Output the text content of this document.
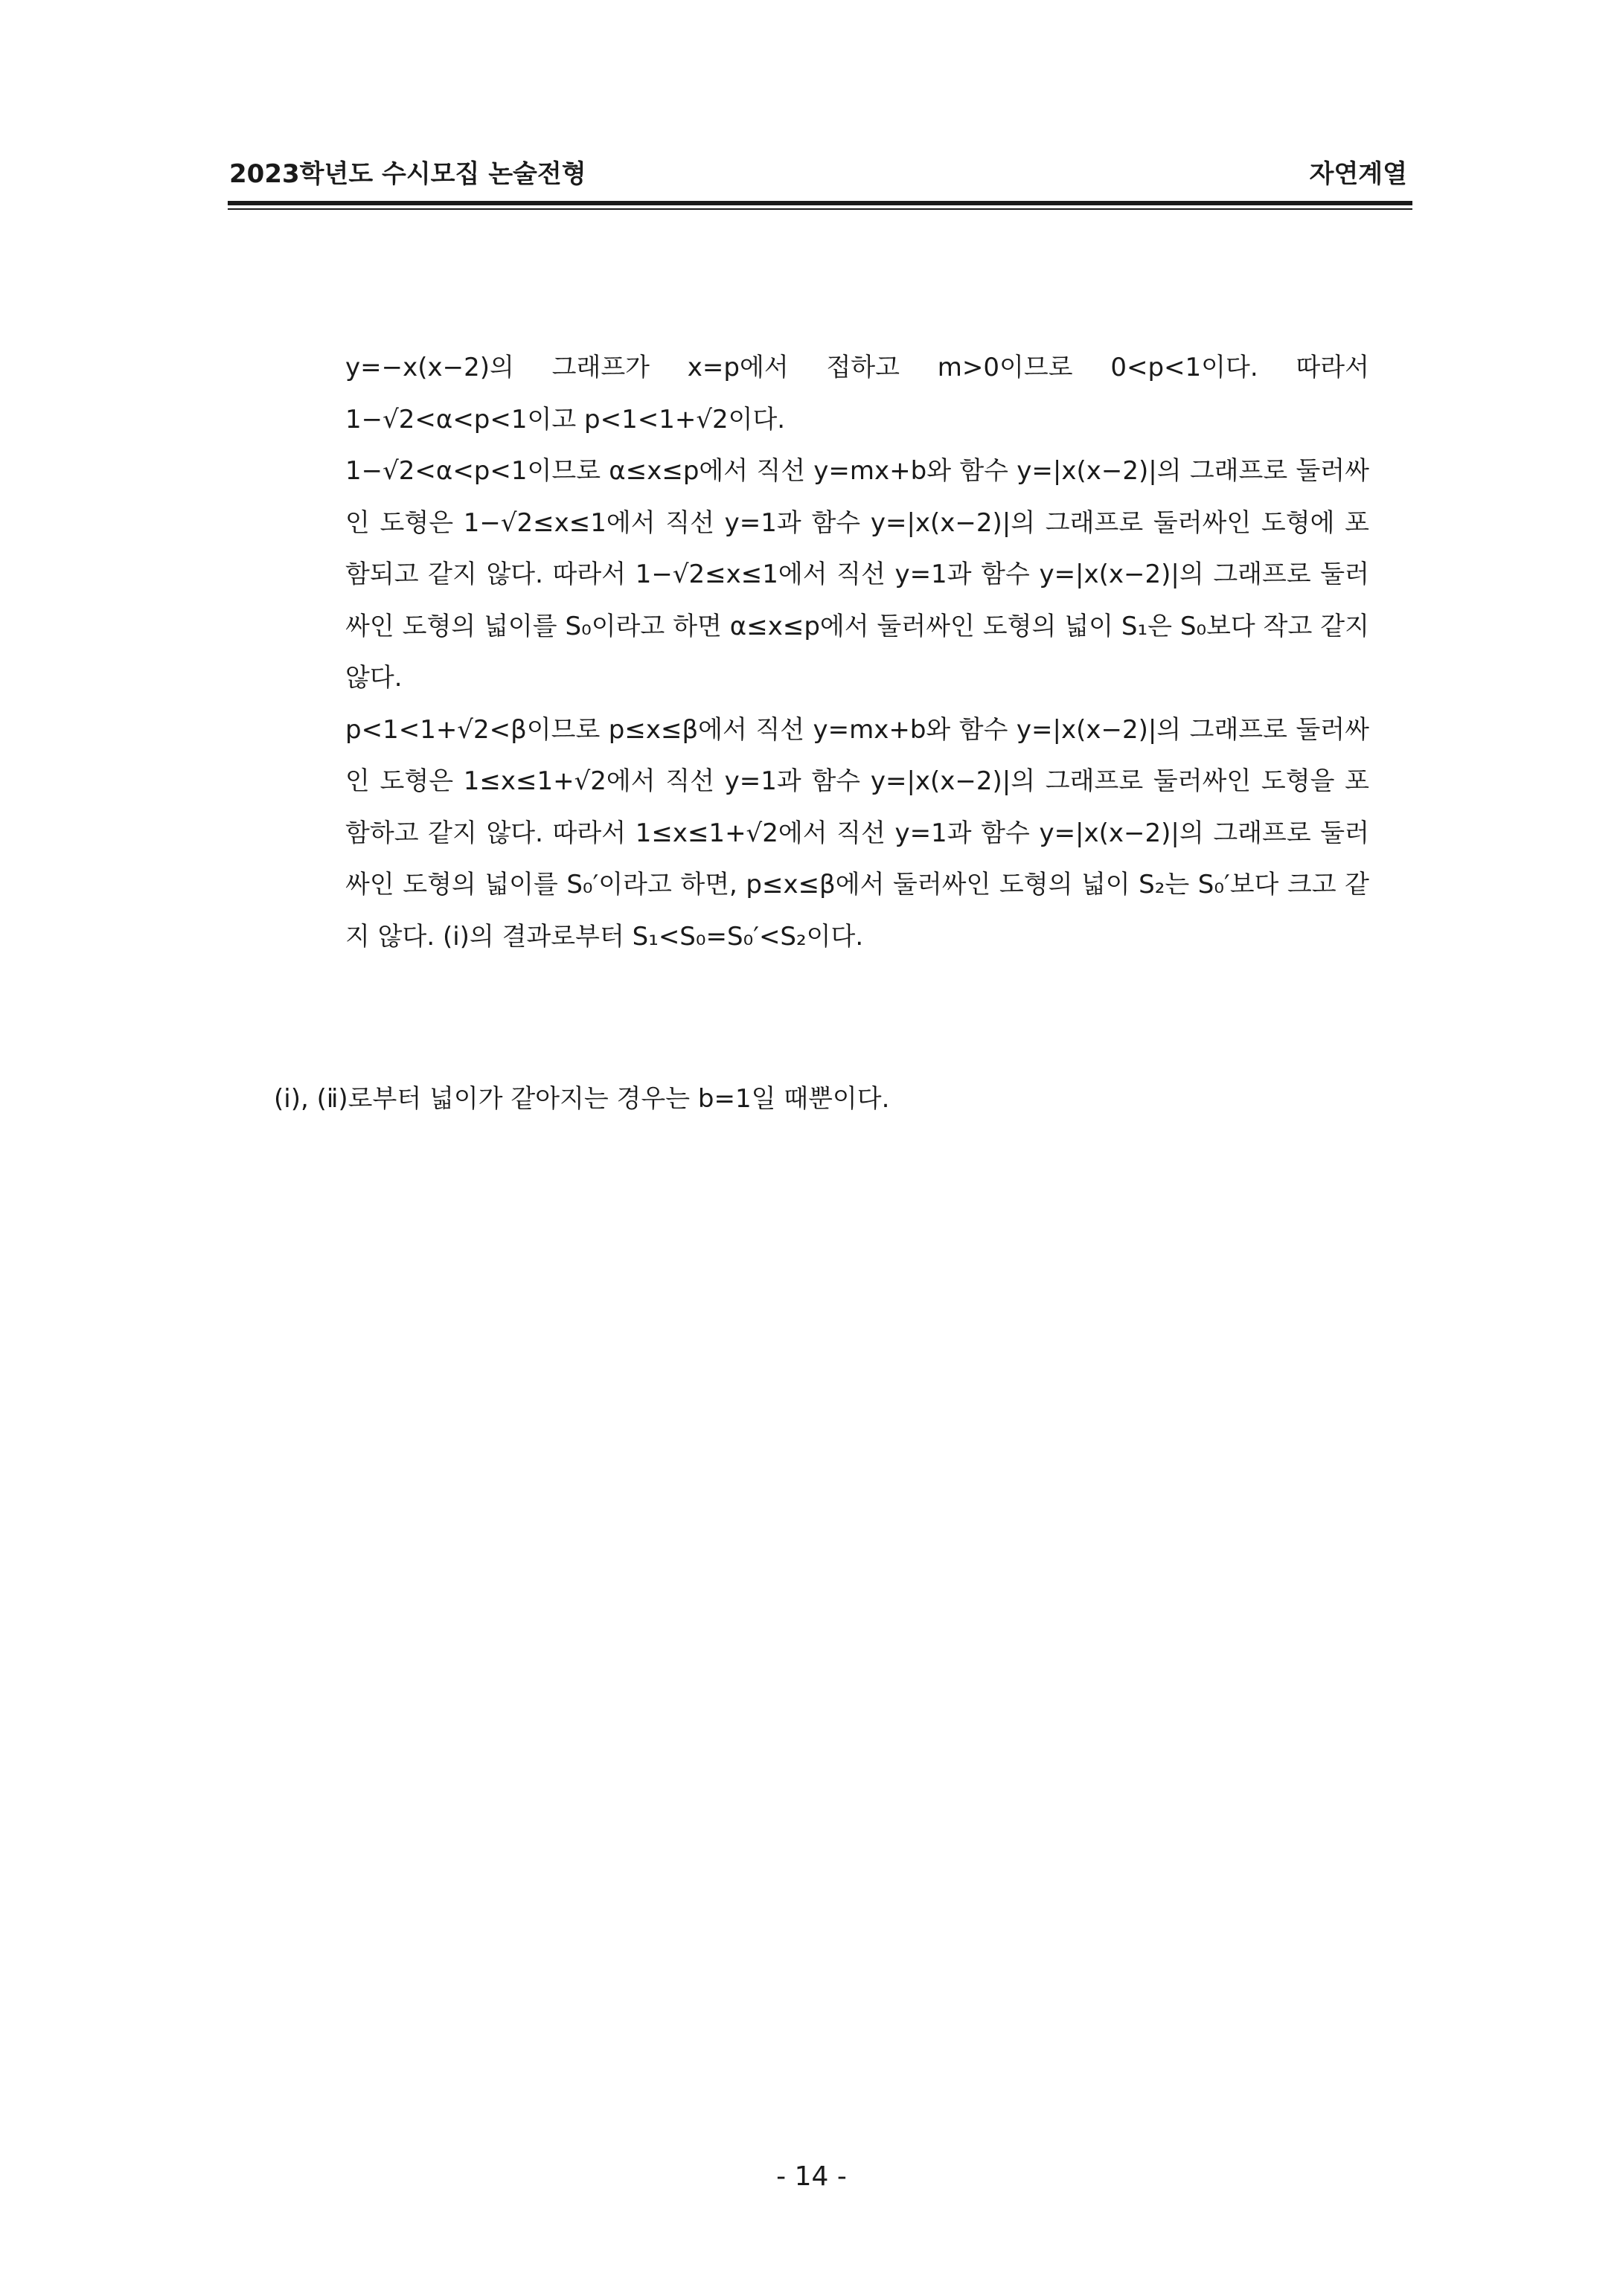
2023학년도 수시모집 논술전형	자연계열

y=−x(x−2)의 그래프가 x=p에서 접하고 m>0이므로 0<p<1이다. 따라서 1−√2<α<p<1이고 p<1<1+√2이다.

1−√2<α<p<1이므로 α≤x≤p에서 직선 y=mx+b와 함수 y=|x(x−2)|의 그래프로 둘러싸인 도형은 1−√2≤x≤1에서 직선 y=1과 함수 y=|x(x−2)|의 그래프로 둘러싸인 도형에 포함되고 같지 않다. 따라서 1−√2≤x≤1에서 직선 y=1과 함수 y=|x(x−2)|의 그래프로 둘러싸인 도형의 넓이를 S₀이라고 하면 α≤x≤p에서 둘러싸인 도형의 넓이 S₁은 S₀보다 작고 같지 않다.

p<1<1+√2<β이므로 p≤x≤β에서 직선 y=mx+b와 함수 y=|x(x−2)|의 그래프로 둘러싸인 도형은 1≤x≤1+√2에서 직선 y=1과 함수 y=|x(x−2)|의 그래프로 둘러싸인 도형을 포함하고 같지 않다. 따라서 1≤x≤1+√2에서 직선 y=1과 함수 y=|x(x−2)|의 그래프로 둘러싸인 도형의 넓이를 S₀′이라고 하면, p≤x≤β에서 둘러싸인 도형의 넓이 S₂는 S₀′보다 크고 같지 않다. (ⅰ)의 결과로부터 S₁<S₀=S₀′<S₂이다.

(ⅰ), (ⅱ)로부터 넓이가 같아지는 경우는 b=1일 때뿐이다.
- 14 -
